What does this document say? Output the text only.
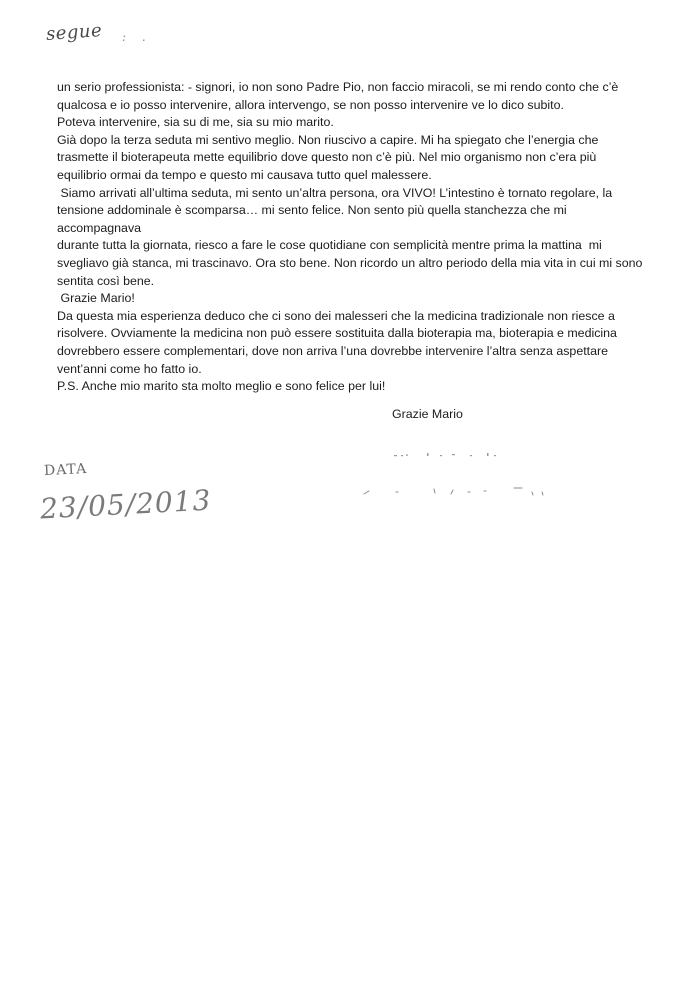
segue : .

un serio professionista: - signori, io non sono Padre Pio, non faccio miracoli, se mi rendo conto che c’è
qualcosa e io posso intervenire, allora intervengo, se non posso intervenire ve lo dico subito.

Poteva intervenire, sia su di me, sia su mio marito.

Già dopo la terza seduta mi sentivo meglio. Non riuscivo a capire. Mi ha spiegato che l’energia che
trasmette il bioterapeuta mette equilibrio dove questo non c’è più. Nel mio organismo non c’era più
equilibrio ormai da tempo e questo mi causava tutto quel malessere.

Siamo arrivati all’ultima seduta, mi sento un’altra persona, ora VIVO! L’intestino è tornato regolare, la
tensione addominale è scomparsa… mi sento felice. Non sento più quella stanchezza che mi  accompagnava
durante tutta la giornata, riesco a fare le cose quotidiane con semplicità mentre prima la mattina  mi
svegliavo già stanca, mi trascinavo. Ora sto bene. Non ricordo un altro periodo della mia vita in cui mi sono
sentita così bene.

Grazie Mario!

Da questa mia esperienza deduco che ci sono dei malesseri che la medicina tradizionale non riesce a
risolvere. Ovviamente la medicina non può essere sostituita dalla bioterapia ma, bioterapia e medicina
dovrebbero essere complementari, dove non arriva l’una dovrebbe intervenire l’altra senza aspettare
vent’anni come ho fatto io.

P.S. Anche mio marito sta molto meglio e sono felice per lui!

Grazie Mario
DATA
23/05/2013
